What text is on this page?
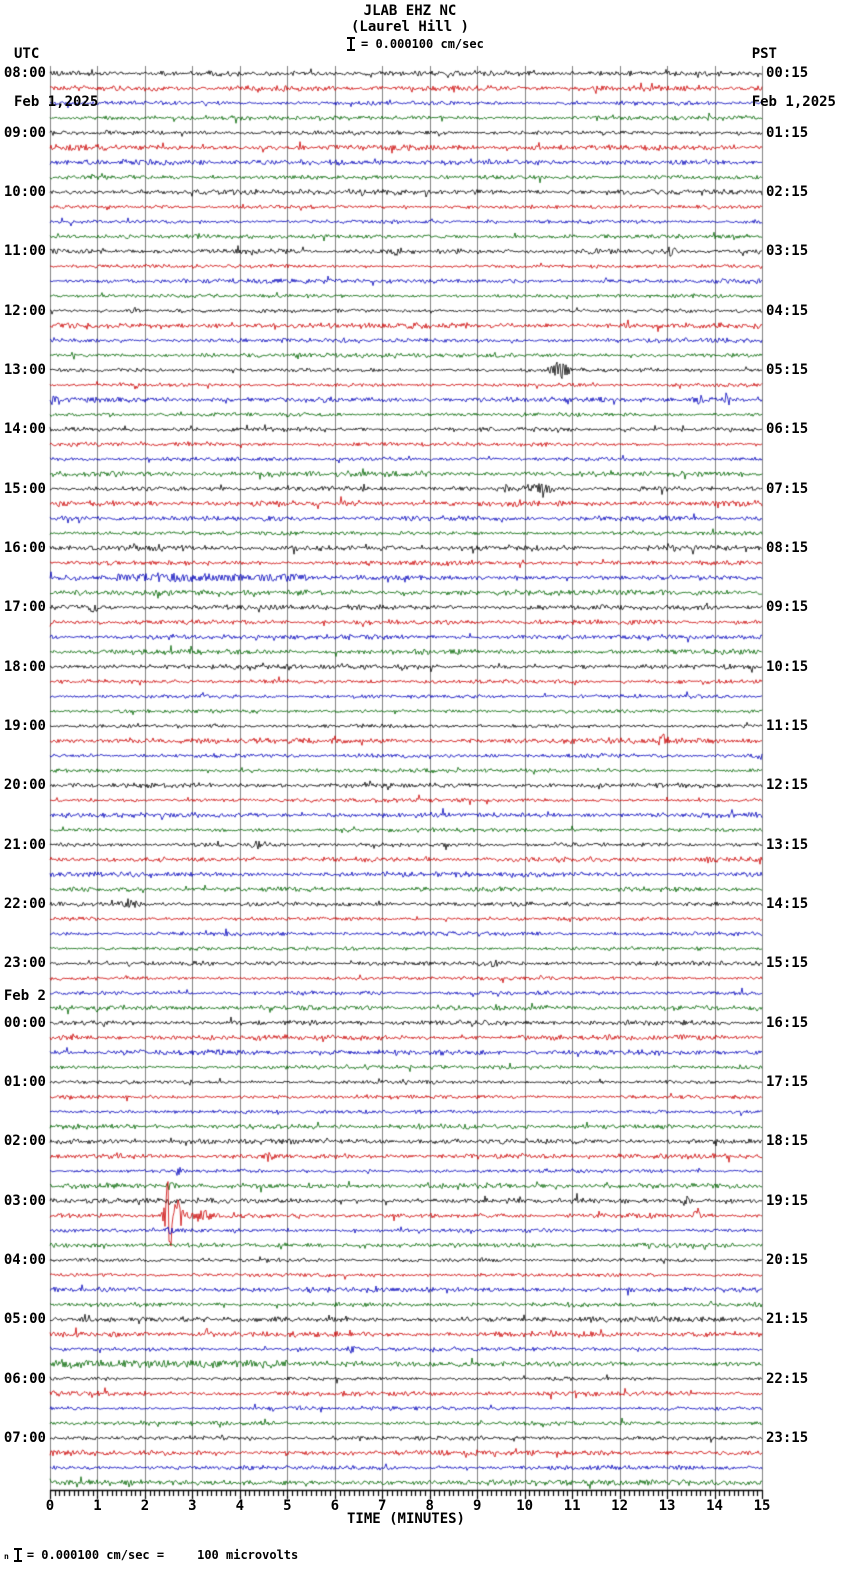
UTC

Feb 1,2025

JLAB EHZ NC
(Laurel Hill )
= 0.000100 cm/sec

PST

Feb 1,2025

08:00
09:00
10:00
11:00
12:00
13:00
14:00
15:00
16:00
17:00
18:00
19:00
20:00
21:00
22:00
23:00
00:00
01:00
02:00
03:00
04:00
05:00
06:00
07:00
00:15
01:15
02:15
03:15
04:15
05:15
06:15
07:15
08:15
09:15
10:15
11:15
12:15
13:15
14:15
15:15
16:15
17:15
18:15
19:15
20:15
21:15
22:15
23:15
Feb 2
TIME (MINUTES)
0	1	2	3	4	5	6	7	8	9 10 11 12 13 14 15
n = 0.000100 cm/sec =	100 microvolts
